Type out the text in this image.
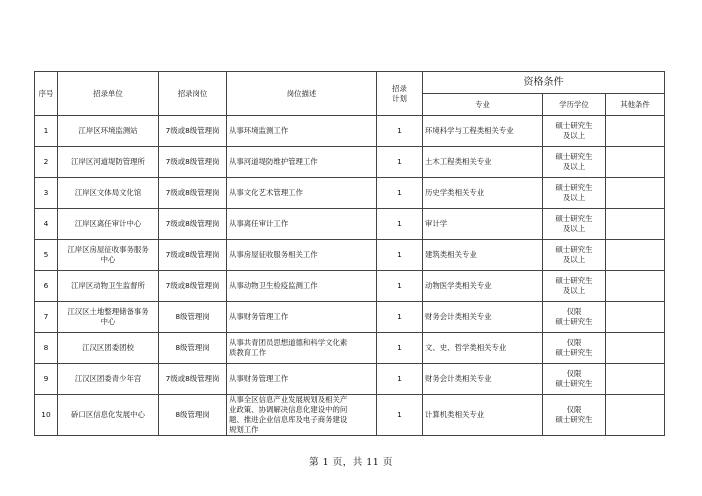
序号	招录单位	招录岗位	岗位描述	招录
计划	资格条件		
					专业	学历学位	其他条件
1	江岸区环境监测站	7级或8级管理岗	从事环境监测工作	1	环境科学与工程类相关专业	硕士研究生
及以上	
2	江岸区河道堤防管理所	7级或8级管理岗	从事河道堤防维护管理工作	1	土木工程类相关专业	硕士研究生
及以上	
3	江岸区文体局文化馆	7级或8级管理岗	从事文化艺术管理工作	1	历史学类相关专业	硕士研究生
及以上	
4	江岸区离任审计中心	7级或8级管理岗	从事离任审计工作	1	审计学	硕士研究生
及以上	
5	江岸区房屋征收事务服务
中心	7级或8级管理岗	从事房屋征收服务相关工作	1	建筑类相关专业	硕士研究生
及以上	
6	江岸区动物卫生监督所	7级或8级管理岗	从事动物卫生检疫监测工作	1	动物医学类相关专业	硕士研究生
及以上	
7	江汉区土地整理储备事务
中心	8级管理岗	从事财务管理工作	1	财务会计类相关专业	仅限
硕士研究生	
8	江汉区团委团校	8级管理岗	从事共青团员思想道德和科学文化素
质教育工作	1	文、史、哲学类相关专业	仅限
硕士研究生	
9	江汉区团委青少年宫	7级或8级管理岗	从事财务管理工作	1	财务会计类相关专业	仅限
硕士研究生	
10	硚口区信息化发展中心	8级管理岗	从事全区信息产业发展规划及相关产
业政策、协调解决信息化建设中的问
题、推进企业信息库及电子商务建设
规划工作	1	计算机类相关专业	仅限
硕士研究生	
第 1 页，共 11 页
